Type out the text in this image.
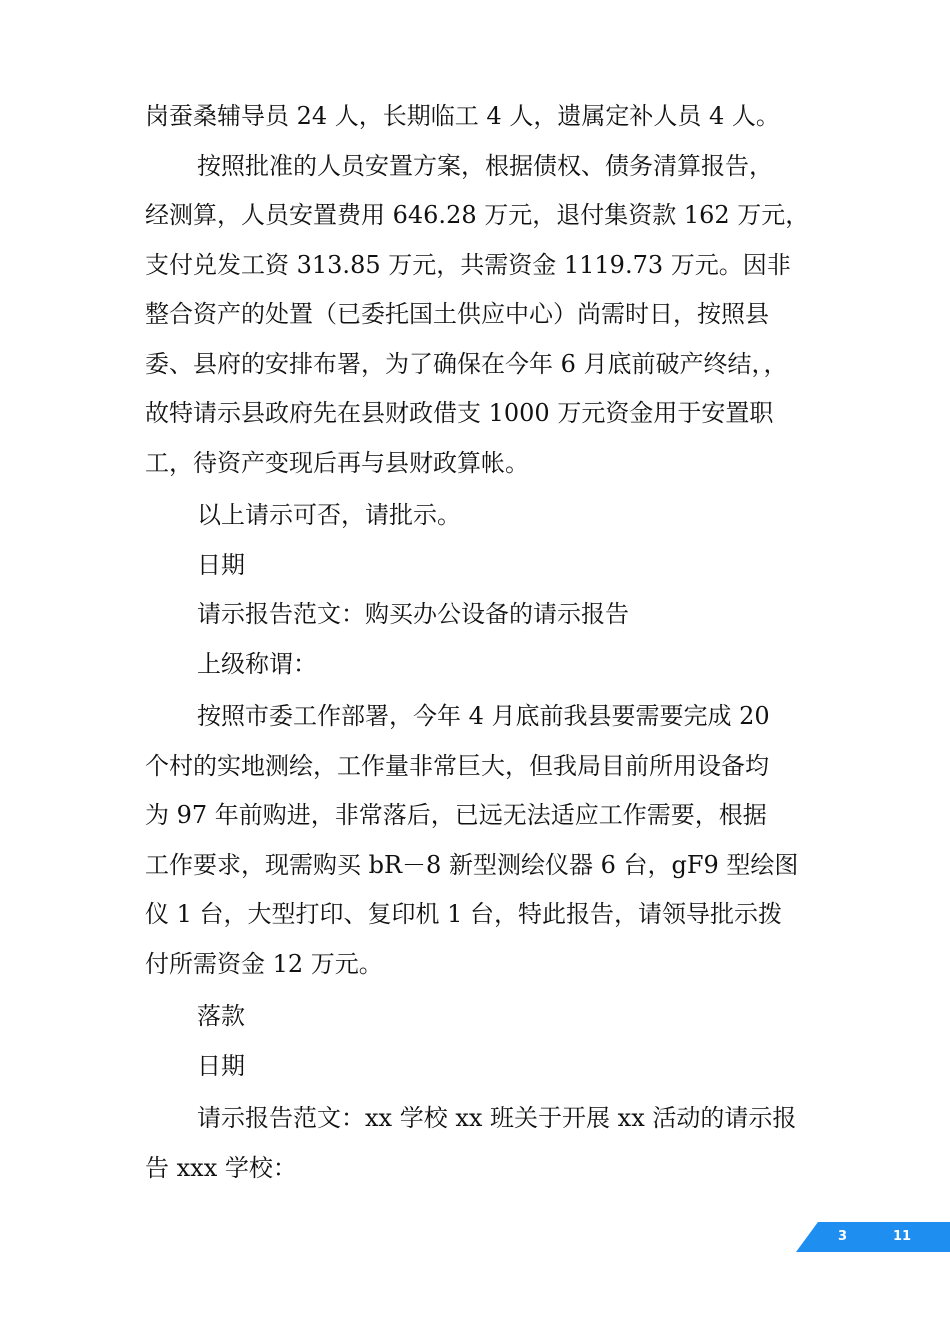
岗蚕桑辅导员 24 人，长期临工 4 人，遗属定补人员 4 人。
按照批准的人员安置方案，根据债权、债务清算报告，
经测算，人员安置费用 646.28 万元，退付集资款 162 万元，
支付兑发工资 313.85 万元，共需资金 1119.73 万元。因非
整合资产的处置（已委托国土供应中心）尚需时日，按照县
委、县府的安排布署，为了确保在今年 6 月底前破产终结，，
故特请示县政府先在县财政借支 1000 万元资金用于安置职
工，待资产变现后再与县财政算帐。
以上请示可否，请批示。
日期
请示报告范文：购买办公设备的请示报告
上级称谓：
按照市委工作部署，今年 4 月底前我县要需要完成 20
个村的实地测绘，工作量非常巨大，但我局目前所用设备均
为 97 年前购进，非常落后，已远无法适应工作需要，根据
工作要求，现需购买 bR－8 新型测绘仪器 6 台，gF9 型绘图
仪 1 台，大型打印、复印机 1 台，特此报告，请领导批示拨
付所需资金 12 万元。
落款
日期
请示报告范文：xx 学校 xx 班关于开展 xx 活动的请示报
告 xxx 学校：
3	11
